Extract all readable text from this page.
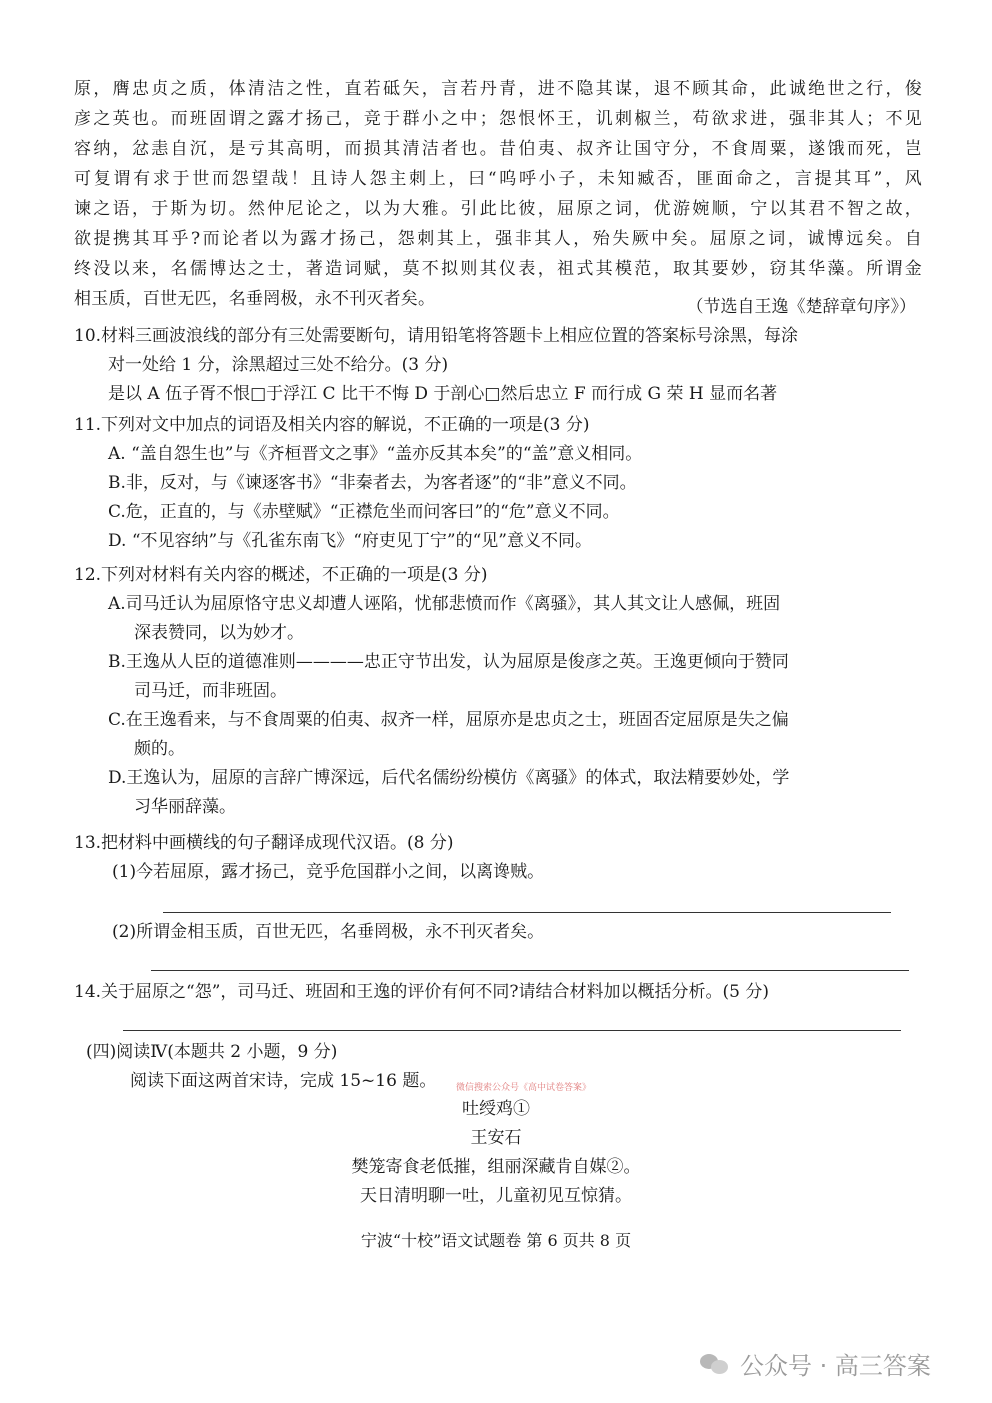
原，膺忠贞之质，体清洁之性，直若砥矢，言若丹青，进不隐其谋，退不顾其命，此诚绝世之行，俊
彦之英也。而班固谓之露才扬己，竞于群小之中；怨恨怀王，讥刺椒兰，苟欲求进，强非其人；不见
容纳，忿恚自沉，是亏其高明，而损其清洁者也。昔伯夷、叔齐让国守分，不食周粟，遂饿而死，岂
可复谓有求于世而怨望哉！且诗人怨主刺上，曰“呜呼小子，未知臧否，匪面命之，言提其耳”，风
谏之语，于斯为切。然仲尼论之，以为大雅。引此比彼，屈原之词，优游婉顺，宁以其君不智之故，
欲提携其耳乎?而论者以为露才扬己，怨刺其上，强非其人，殆失厥中矣。屈原之词，诚博远矣。自
终没以来，名儒博达之士，著造词赋，莫不拟则其仪表，祖式其模范，取其要妙，窃其华藻。所谓金
相玉质，百世无匹，名垂罔极，永不刊灭者矣。	（节选自王逸《楚辞章句序》）
10.材料三画波浪线的部分有三处需要断句，请用铅笔将答题卡上相应位置的答案标号涂黑，每涂
对一处给 1 分，涂黑超过三处不给分。(3 分)
是以 A 伍子胥不恨□于浮江 C 比干不悔 D 于剖心□然后忠立 F 而行成 G 荣 H 显而名著
11.下列对文中加点的词语及相关内容的解说，不正确的一项是(3 分)
A. “盖自怨生也”与《齐桓晋文之事》“盖亦反其本矣”的“盖”意义相同。
B.非，反对，与《谏逐客书》“非秦者去，为客者逐”的“非”意义不同。
C.危，正直的，与《赤壁赋》“正襟危坐而问客曰”的“危”意义不同。
D. “不见容纳”与《孔雀东南飞》“府吏见丁宁”的“见”意义不同。
12.下列对材料有关内容的概述，不正确的一项是(3 分)
A.司马迁认为屈原恪守忠义却遭人诬陷，忧郁悲愤而作《离骚》，其人其文让人感佩，班固
深表赞同，以为妙才。
B.王逸从人臣的道德准则————忠正守节出发，认为屈原是俊彦之英。王逸更倾向于赞同
司马迁，而非班固。
C.在王逸看来，与不食周粟的伯夷、叔齐一样，屈原亦是忠贞之士，班固否定屈原是失之偏
颇的。
D.王逸认为，屈原的言辞广博深远，后代名儒纷纷模仿《离骚》的体式，取法精要妙处，学
习华丽辞藻。
13.把材料中画横线的句子翻译成现代汉语。(8 分)
(1)今若屈原，露才扬己，竞乎危国群小之间，以离谗贼。
(2)所谓金相玉质，百世无匹，名垂罔极，永不刊灭者矣。
14.关于屈原之“怨”，司马迁、班固和王逸的评价有何不同?请结合材料加以概括分析。(5 分)
(四)阅读Ⅳ(本题共 2 小题，9 分)
阅读下面这两首宋诗，完成 15~16 题。	微信搜索公众号《高中试卷答案》
吐绶鸡①
王安石
樊笼寄食老低摧，组丽深藏肯自媒②。
天日清明聊一吐，儿童初见互惊猜。
宁波“十校”语文试题卷 第 6 页共 8 页
公众号 · 高三答案
